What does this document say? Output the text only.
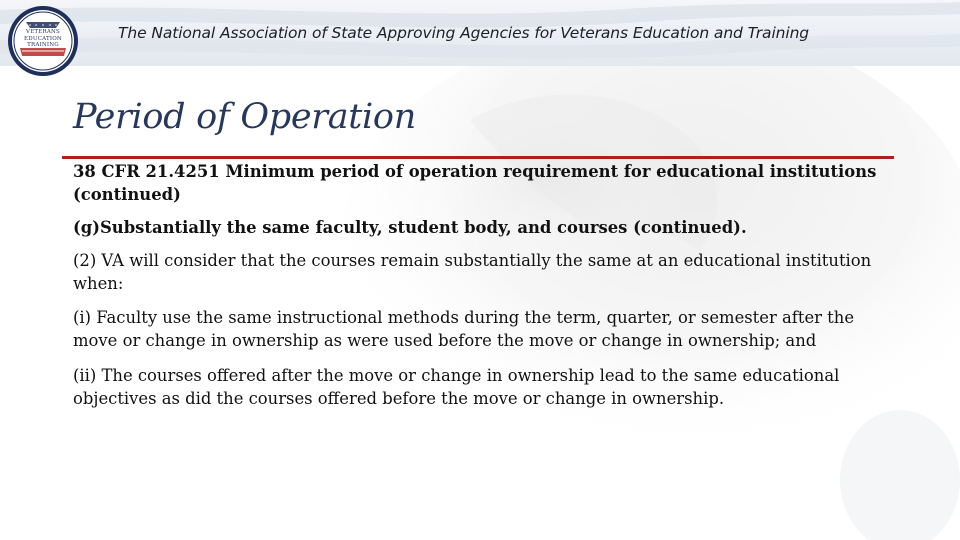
The National Association of State Approving Agencies for Veterans Education and Training
VETERANS
EDUCATION
TRAINING
Period of Operation

38 CFR 21.4251 Minimum period of operation requirement for educational institutions (continued)

(g)Substantially the same faculty, student body, and courses (continued).

(2) VA will consider that the courses remain substantially the same at an educational institution when:

(i) Faculty use the same instructional methods during the term, quarter, or semester after the move or change in ownership as were used before the move or change in ownership; and

(ii) The courses offered after the move or change in ownership lead to the same educational objectives as did the courses offered before the move or change in ownership.
